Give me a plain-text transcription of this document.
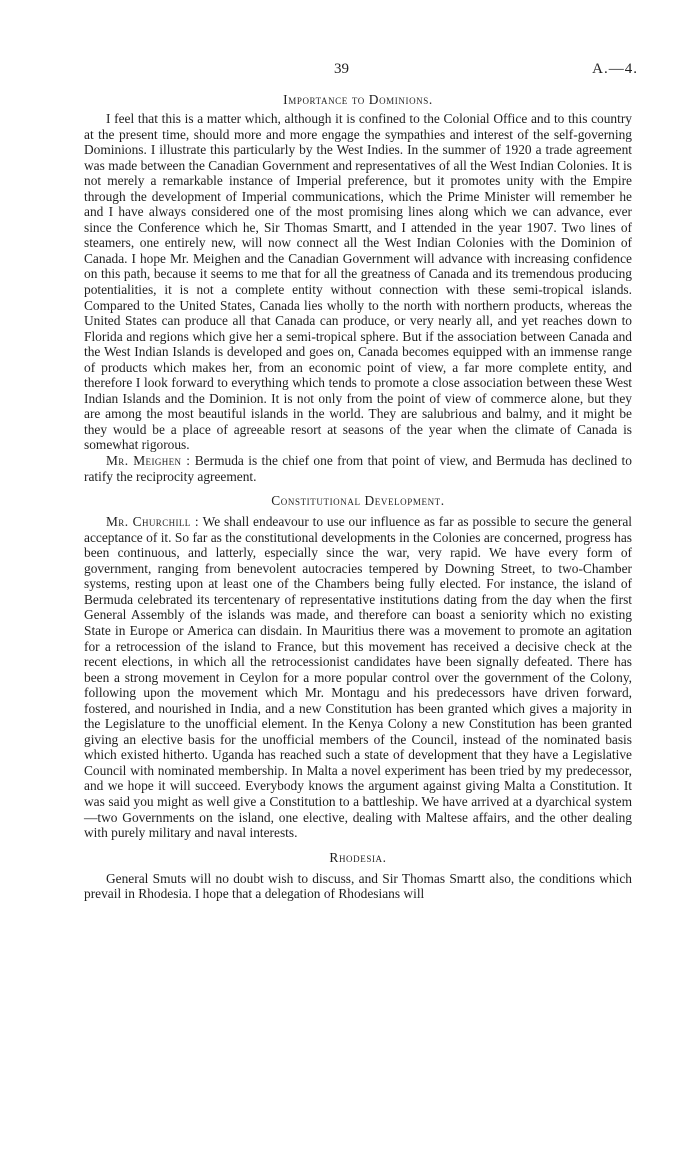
39	A.—4.
Importance to Dominions.

I feel that this is a matter which, although it is confined to the Colonial Office and to this country at the present time, should more and more engage the sympathies and interest of the self-governing Dominions. I illustrate this particularly by the West Indies. In the summer of 1920 a trade agreement was made between the Canadian Government and representatives of all the West Indian Colonies. It is not merely a remarkable instance of Imperial preference, but it promotes unity with the Empire through the development of Imperial communications, which the Prime Minister will remember he and I have always considered one of the most promising lines along which we can advance, ever since the Conference which he, Sir Thomas Smartt, and I attended in the year 1907. Two lines of steamers, one entirely new, will now connect all the West Indian Colonies with the Dominion of Canada. I hope Mr. Meighen and the Canadian Government will advance with increasing confidence on this path, because it seems to me that for all the greatness of Canada and its tremendous producing potentialities, it is not a complete entity without connection with these semi-tropical islands. Compared to the United States, Canada lies wholly to the north with northern products, whereas the United States can produce all that Canada can produce, or very nearly all, and yet reaches down to Florida and regions which give her a semi-tropical sphere. But if the association between Canada and the West Indian Islands is developed and goes on, Canada becomes equipped with an immense range of products which makes her, from an economic point of view, a far more complete entity, and therefore I look forward to everything which tends to promote a close association between these West Indian Islands and the Dominion. It is not only from the point of view of commerce alone, but they are among the most beautiful islands in the world. They are salubrious and balmy, and it might be they would be a place of agreeable resort at seasons of the year when the climate of Canada is somewhat rigorous.

Mr. Meighen : Bermuda is the chief one from that point of view, and Bermuda has declined to ratify the reciprocity agreement.

Constitutional Development.

Mr. Churchill : We shall endeavour to use our influence as far as possible to secure the general acceptance of it. So far as the constitutional developments in the Colonies are concerned, progress has been continuous, and latterly, especially since the war, very rapid. We have every form of government, ranging from benevolent autocracies tempered by Downing Street, to two-Chamber systems, resting upon at least one of the Chambers being fully elected. For instance, the island of Bermuda celebrated its tercentenary of representative institutions dating from the day when the first General Assembly of the islands was made, and therefore can boast a seniority which no existing State in Europe or America can disdain. In Mauritius there was a movement to promote an agitation for a retrocession of the island to France, but this movement has received a decisive check at the recent elections, in which all the retrocessionist candidates have been signally defeated. There has been a strong movement in Ceylon for a more popular control over the government of the Colony, following upon the movement which Mr. Montagu and his predecessors have driven forward, fostered, and nourished in India, and a new Constitution has been granted which gives a majority in the Legislature to the unofficial element. In the Kenya Colony a new Constitution has been granted giving an elective basis for the unofficial members of the Council, instead of the nominated basis which existed hitherto. Uganda has reached such a state of development that they have a Legislative Council with nominated membership. In Malta a novel experiment has been tried by my predecessor, and we hope it will succeed. Everybody knows the argument against giving Malta a Constitution. It was said you might as well give a Constitution to a battleship. We have arrived at a dyarchical system—two Governments on the island, one elective, dealing with Maltese affairs, and the other dealing with purely military and naval interests.

Rhodesia.

General Smuts will no doubt wish to discuss, and Sir Thomas Smartt also, the conditions which prevail in Rhodesia. I hope that a delegation of Rhodesians will
